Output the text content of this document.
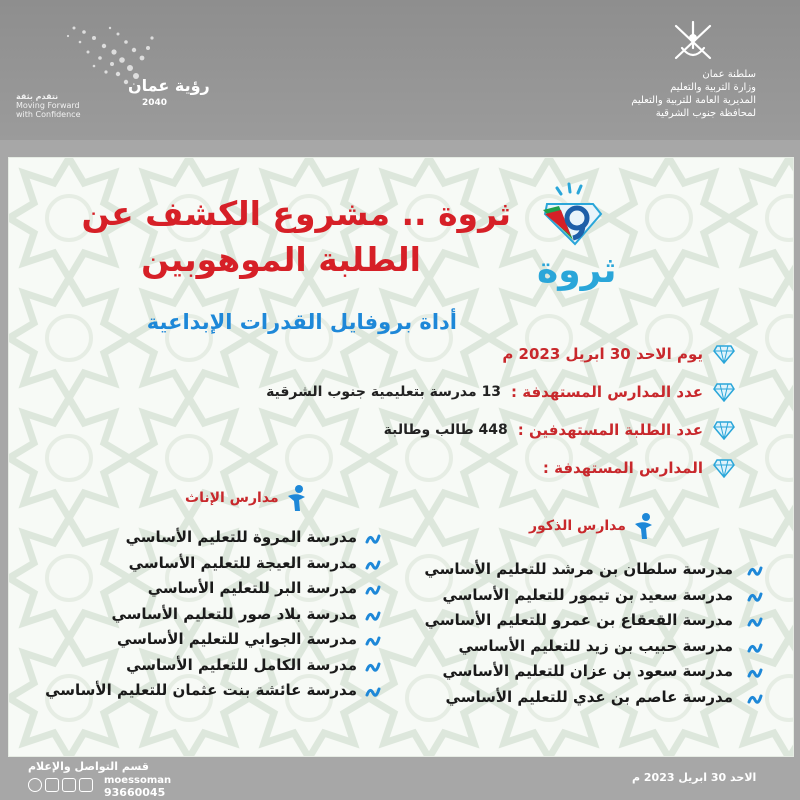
رؤية عمان
2040
نتقدم بثقة
Moving Forward
with Confidence
سلطنة عمان
وزارة التربية والتعليم
المديرية العامة للتربية والتعليم
لمحافظة جنوب الشرقية
ثروة .. مشروع الكشف عن
الطلبة الموهوبين
أداة بروفايل القدرات الإبداعية
ثروة
يوم الاحد 30 ابريل 2023 م
عدد المدارس المستهدفة :
13 مدرسة بتعليمية جنوب الشرقية
عدد الطلبة المستهدفين :
448 طالب وطالبة
المدارس المستهدفة :
مدارس الإناث
مدرسة المروة للتعليم الأساسي
مدرسة العيجة للتعليم الأساسي
مدرسة البر للتعليم الأساسي
مدرسة بلاد صور للتعليم الأساسي
مدرسة الجوابي للتعليم الأساسي
مدرسة الكامل للتعليم الأساسي
مدرسة عائشة بنت عثمان للتعليم الأساسي
مدارس الذكور
مدرسة سلطان بن مرشد للتعليم الأساسي
مدرسة سعيد بن تيمور للتعليم الأساسي
مدرسة القعقاع بن عمرو للتعليم الأساسي
مدرسة حبيب بن زيد للتعليم الأساسي
مدرسة سعود بن عزان للتعليم الأساسي
مدرسة عاصم بن عدي للتعليم الأساسي
الاحد 30 ابريل 2023 م
قسم التواصل والإعلام
moessoman
93660045
